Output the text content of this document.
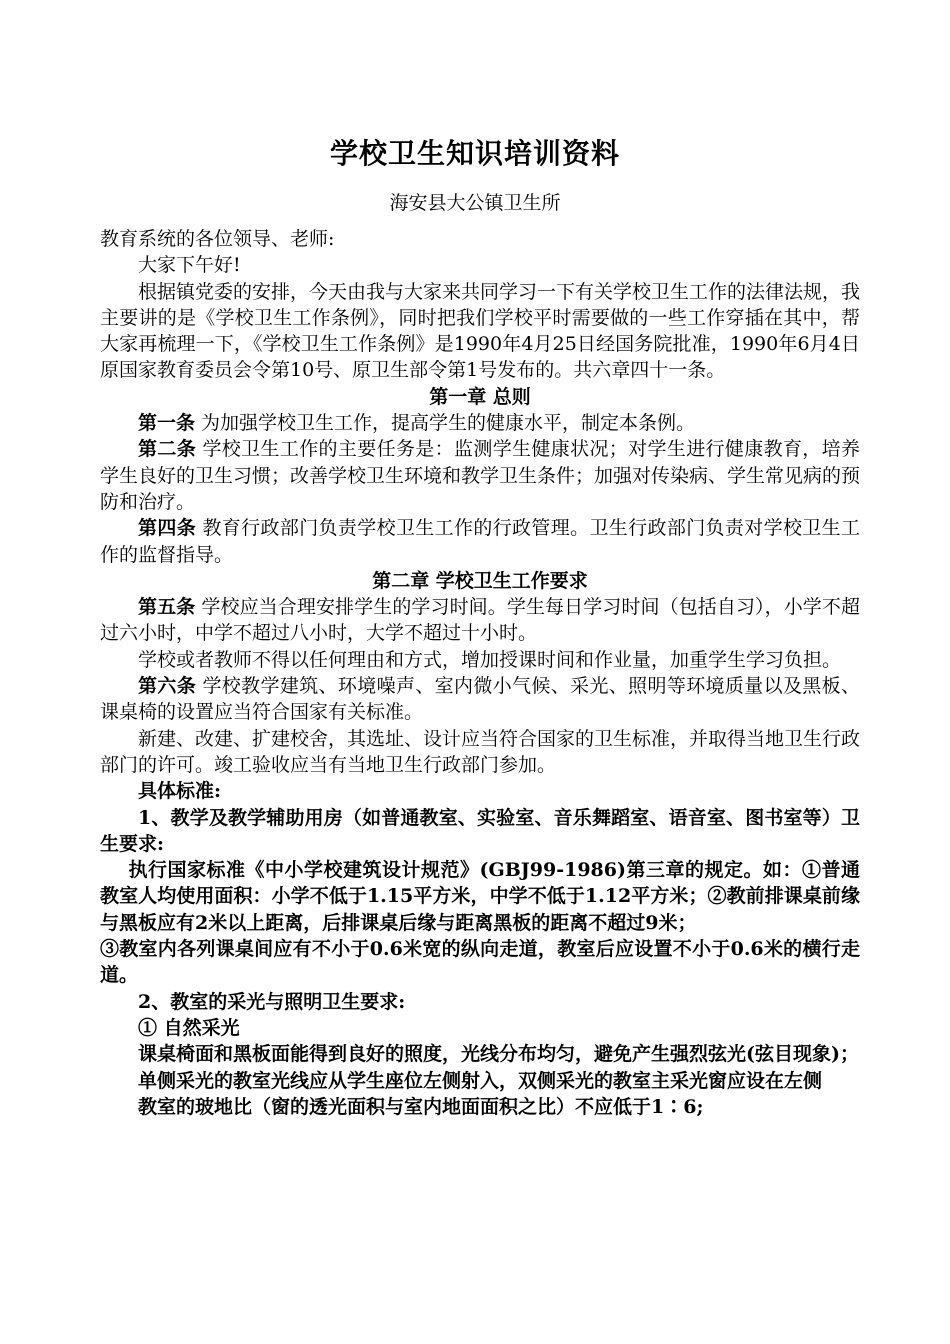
学校卫生知识培训资料
海安县大公镇卫生所

教育系统的各位领导、老师:

大家下午好!

根据镇党委的安排，今天由我与大家来共同学习一下有关学校卫生工作的法律法规，我主要讲的是《学校卫生工作条例》，同时把我们学校平时需要做的一些工作穿插在其中，帮大家再梳理一下，《学校卫生工作条例》是1990年4月25日经国务院批准，1990年6月4日原国家教育委员会令第10号、原卫生部令第1号发布的。共六章四十一条。

第一章 总则

第一条 为加强学校卫生工作，提高学生的健康水平，制定本条例。

第二条 学校卫生工作的主要任务是：监测学生健康状况；对学生进行健康教育，培养学生良好的卫生习惯；改善学校卫生环境和教学卫生条件；加强对传染病、学生常见病的预防和治疗。

第四条 教育行政部门负责学校卫生工作的行政管理。卫生行政部门负责对学校卫生工作的监督指导。

第二章 学校卫生工作要求

第五条 学校应当合理安排学生的学习时间。学生每日学习时间（包括自习），小学不超过六小时，中学不超过八小时，大学不超过十小时。

学校或者教师不得以任何理由和方式，增加授课时间和作业量，加重学生学习负担。

第六条 学校教学建筑、环境噪声、室内微小气候、采光、照明等环境质量以及黑板、课桌椅的设置应当符合国家有关标准。

新建、改建、扩建校舍，其选址、设计应当符合国家的卫生标准，并取得当地卫生行政部门的许可。竣工验收应当有当地卫生行政部门参加。

具体标准:

1、教学及教学辅助用房（如普通教室、实验室、音乐舞蹈室、语音室、图书室等）卫生要求:

执行国家标准《中小学校建筑设计规范》(GBJ99-1986)第三章的规定。如：①普通教室人均使用面积：小学不低于1.15平方米，中学不低于1.12平方米；②教前排课桌前缘与黑板应有2米以上距离，后排课桌后缘与距离黑板的距离不超过9米；

③教室内各列课桌间应有不小于0.6米宽的纵向走道，教室后应设置不小于0.6米的横行走道。

2、教室的采光与照明卫生要求:

① 自然采光

课桌椅面和黑板面能得到良好的照度，光线分布均匀，避免产生强烈弦光(弦目现象)；

单侧采光的教室光线应从学生座位左侧射入，双侧采光的教室主采光窗应设在左侧

教室的玻地比（窗的透光面积与室内地面面积之比）不应低于1∶6;
